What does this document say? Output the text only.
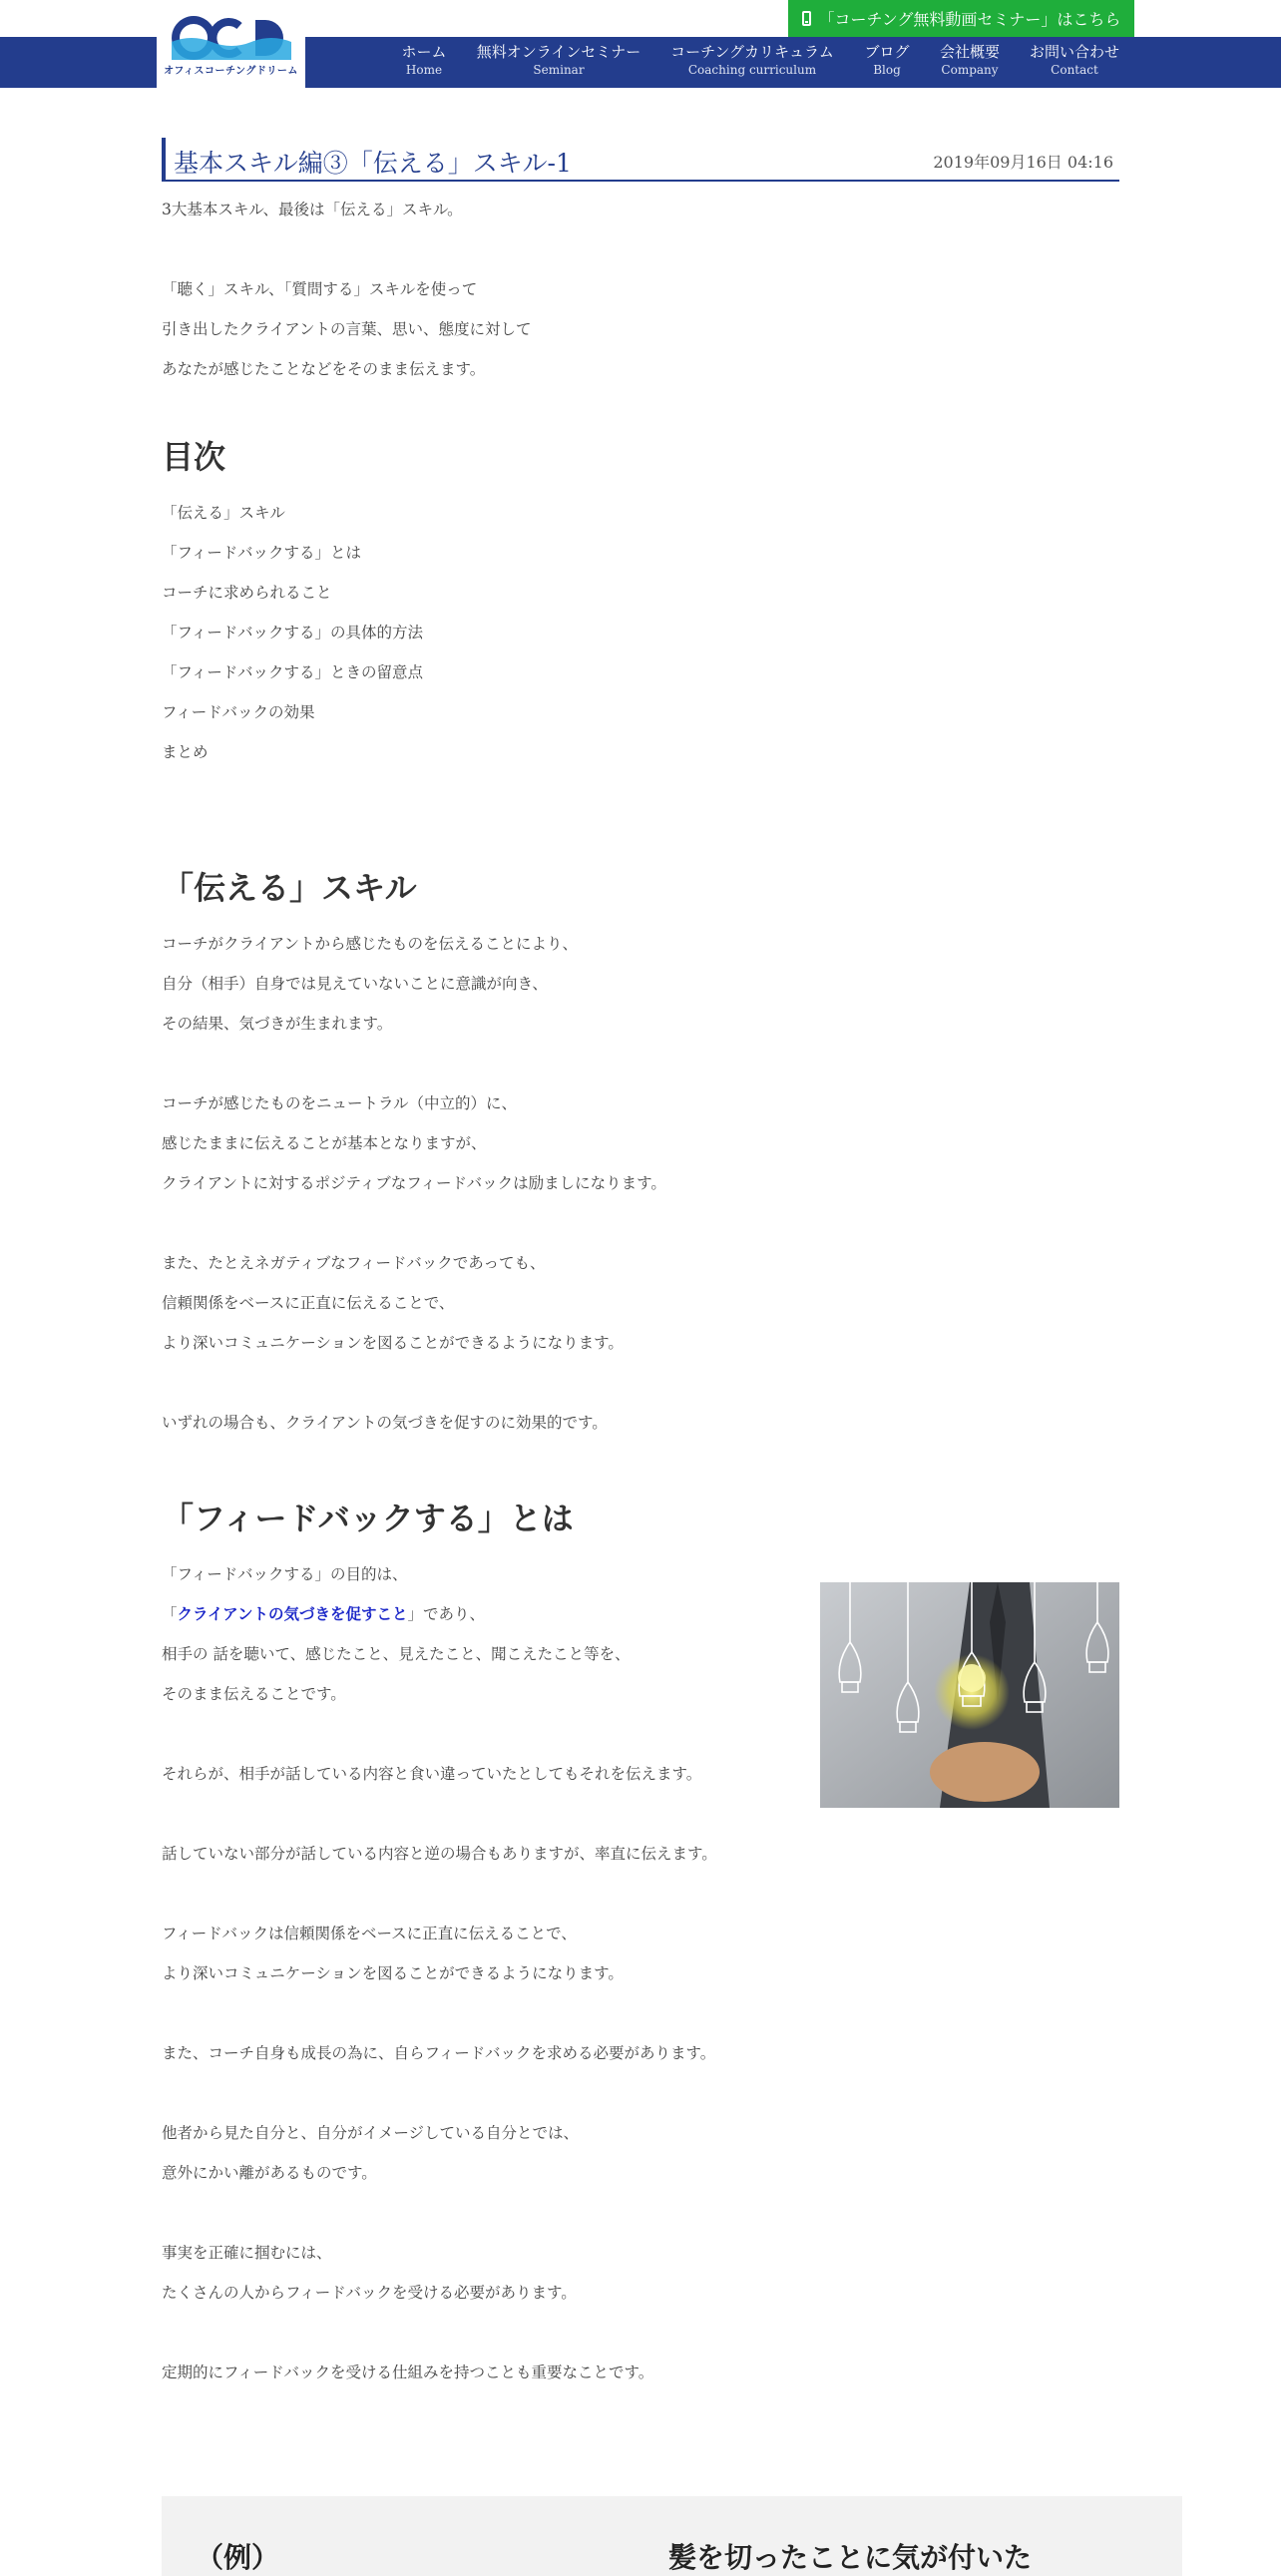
オフィスコーチングドリーム
「コーチング無料動画セミナー」はこちら
ホーム
Home
無料オンラインセミナー
Seminar
コーチングカリキュラム
Coaching curriculum
ブログ
Blog
会社概要
Company
お問い合わせ
Contact
基本スキル編③「伝える」スキル-1	2019年09月16日 04:16

3大基本スキル、最後は「伝える」スキル。

「聴く」スキル、「質問する」スキルを使って

引き出したクライアントの言葉、思い、態度に対して

あなたが感じたことなどをそのまま伝えます。

目次

「伝える」スキル

「フィードバックする」とは

コーチに求められること

「フィードバックする」の具体的方法

「フィードバックする」ときの留意点

フィードバックの効果

まとめ

「伝える」スキル

コーチがクライアントから感じたものを伝えることにより、

自分（相手）自身では見えていないことに意識が向き、

その結果、気づきが生まれます。

コーチが感じたものをニュートラル（中立的）に、

感じたままに伝えることが基本となりますが、

クライアントに対するポジティブなフィードバックは励ましになります。

また、たとえネガティブなフィードバックであっても、

信頼関係をベースに正直に伝えることで、

より深いコミュニケーションを図ることができるようになります。

いずれの場合も、クライアントの気づきを促すのに効果的です。

「フィードバックする」とは

「フィードバックする」の目的は、

「クライアントの気づきを促すこと」であり、

相手の 話を聴いて、感じたこと、見えたこと、聞こえたこと等を、

そのまま伝えることです。

それらが、相手が話している内容と食い違っていたとしてもそれを伝えます。

話していない部分が話している内容と逆の場合もありますが、率直に伝えます。

フィードバックは信頼関係をベースに正直に伝えることで、

より深いコミュニケーションを図ることができるようになります。

また、コーチ自身も成長の為に、自らフィードバックを求める必要があります。

他者から見た自分と、自分がイメージしている自分とでは、

意外にかい離があるものです。

事実を正確に掴むには、

たくさんの人からフィードバックを受ける必要があります。

定期的にフィードバックを受ける仕組みを持つことも重要なことです。

（例）	髪を切ったことに気が付いた
